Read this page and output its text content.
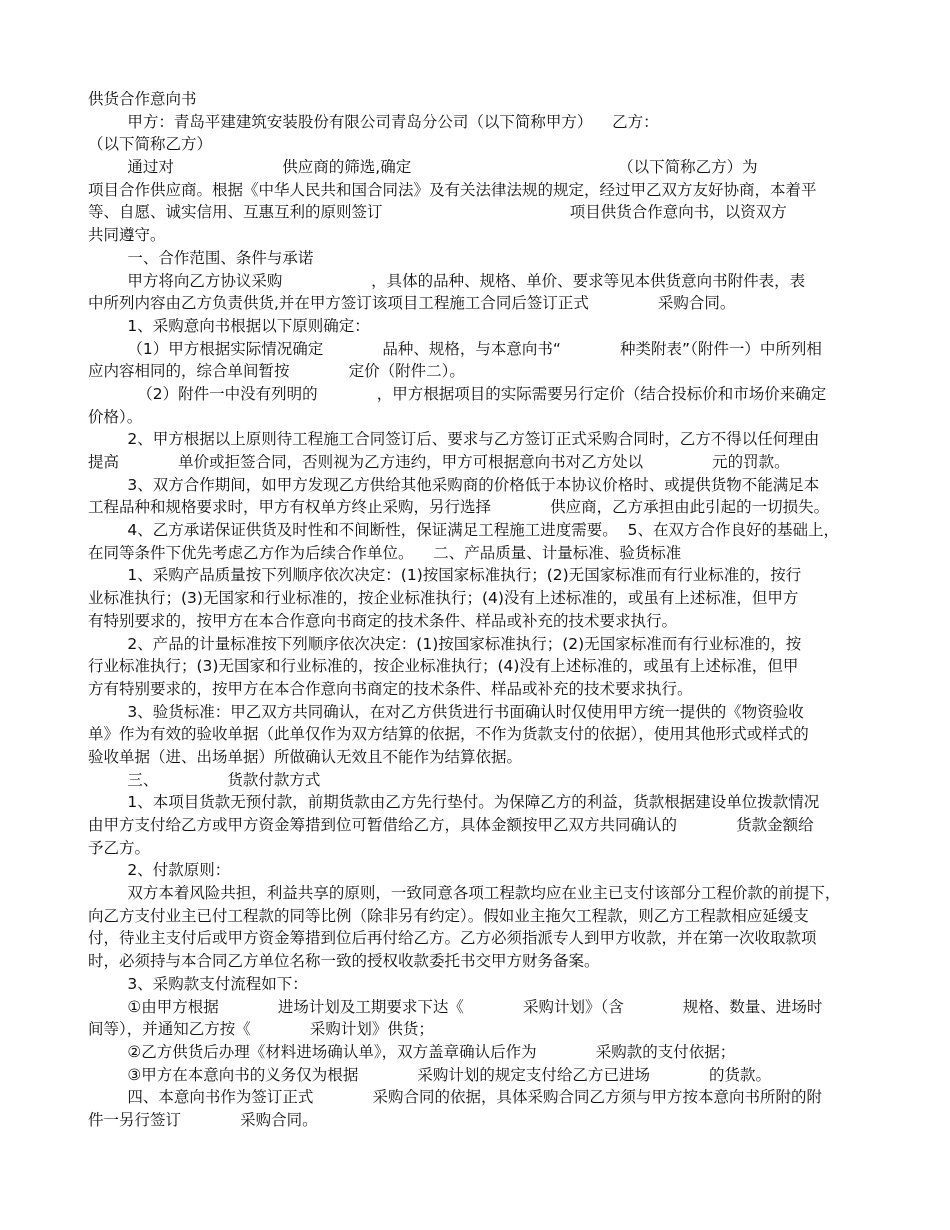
供货合作意向书
甲方：青岛平建建筑安装股份有限公司青岛分公司（以下简称甲方）    乙方：
（以下简称乙方）
通过对                      供应商的筛选,确定                                          （以下简称乙方）为
项目合作供应商。根据《中华人民共和国合同法》及有关法律法规的规定，经过甲乙双方友好协商，本着平
等、自愿、诚实信用、互惠互利的原则签订                                      项目供货合作意向书，以资双方
共同遵守。
一、合作范围、条件与承诺
甲方将向乙方协议采购                  ，具体的品种、规格、单价、要求等见本供货意向书附件表，表
中所列内容由乙方负责供货,并在甲方签订该项目工程施工合同后签订正式              采购合同。
1、采购意向书根据以下原则确定：
（1）甲方根据实际情况确定            品种、规格，与本意向书“            种类附表”（附件一）中所列相
应内容相同的，综合单间暂按            定价（附件二）。
（2）附件一中没有列明的            ，甲方根据项目的实际需要另行定价（结合投标价和市场价来确定
价格）。
2、甲方根据以上原则待工程施工合同签订后、要求与乙方签订正式采购合同时，乙方不得以任何理由
提高            单价或拒签合同，否则视为乙方违约，甲方可根据意向书对乙方处以              元的罚款。
3、双方合作期间，如甲方发现乙方供给其他采购商的价格低于本协议价格时、或提供货物不能满足本
工程品种和规格要求时，甲方有权单方终止采购，另行选择            供应商，乙方承担由此引起的一切损失。
4、乙方承诺保证供货及时性和不间断性，保证满足工程施工进度需要。  5、在双方合作良好的基础上，
在同等条件下优先考虑乙方作为后续合作单位。    二、产品质量、计量标准、验货标准
1、采购产品质量按下列顺序依次决定：(1)按国家标准执行；(2)无国家标准而有行业标准的，按行
业标准执行；(3)无国家和行业标准的，按企业标准执行；(4)没有上述标准的，或虽有上述标准，但甲方
有特别要求的，按甲方在本合作意向书商定的技术条件、样品或补充的技术要求执行。
2、产品的计量标准按下列顺序依次决定：(1)按国家标准执行；(2)无国家标准而有行业标准的，按
行业标准执行；(3)无国家和行业标准的，按企业标准执行；(4)没有上述标准的，或虽有上述标准，但甲
方有特别要求的，按甲方在本合作意向书商定的技术条件、样品或补充的技术要求执行。
3、验货标准：甲乙双方共同确认，在对乙方供货进行书面确认时仅使用甲方统一提供的《物资验收
单》作为有效的验收单据（此单仅作为双方结算的依据，不作为货款支付的依据），使用其他形式或样式的
验收单据（进、出场单据）所做确认无效且不能作为结算依据。
三、              货款付款方式
1、本项目货款无预付款，前期货款由乙方先行垫付。为保障乙方的利益，货款根据建设单位拨款情况
由甲方支付给乙方或甲方资金筹措到位可暂借给乙方，具体金额按甲乙双方共同确认的            货款金额给
予乙方。
2、付款原则：
双方本着风险共担，利益共享的原则，一致同意各项工程款均应在业主已支付该部分工程价款的前提下，
向乙方支付业主已付工程款的同等比例（除非另有约定）。假如业主拖欠工程款，则乙方工程款相应延缓支
付，待业主支付后或甲方资金筹措到位后再付给乙方。乙方必须指派专人到甲方收款，并在第一次收取款项
时，必须持与本合同乙方单位名称一致的授权收款委托书交甲方财务备案。
3、采购款支付流程如下：
①由甲方根据            进场计划及工期要求下达《            采购计划》（含            规格、数量、进场时
间等），并通知乙方按《            采购计划》供货；
②乙方供货后办理《材料进场确认单》，双方盖章确认后作为            采购款的支付依据；
③甲方在本意向书的义务仅为根据            采购计划的规定支付给乙方已进场            的货款。
四、本意向书作为签订正式            采购合同的依据，具体采购合同乙方须与甲方按本意向书所附的附
件一另行签订            采购合同。
